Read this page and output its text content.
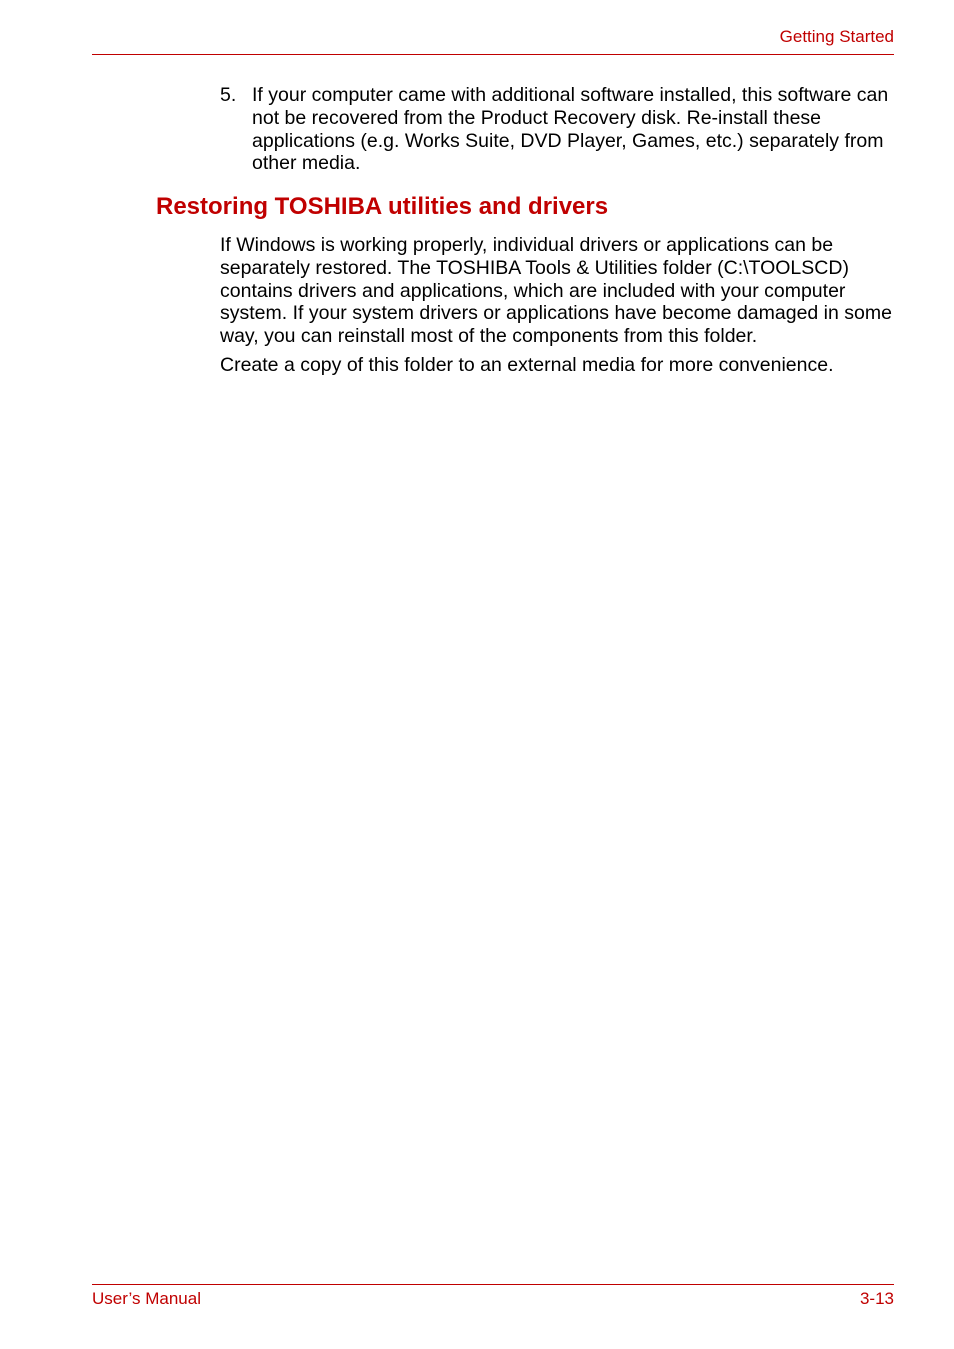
Getting Started
5. If your computer came with additional software installed, this software can not be recovered from the Product Recovery disk. Re-install these applications (e.g. Works Suite, DVD Player, Games, etc.) separately from other media.
Restoring TOSHIBA utilities and drivers

If Windows is working properly, individual drivers or applications can be separately restored. The TOSHIBA Tools & Utilities folder (C:\TOOLSCD) contains drivers and applications, which are included with your computer system. If your system drivers or applications have become damaged in some way, you can reinstall most of the components from this folder.

Create a copy of this folder to an external media for more convenience.

User’s Manual	3-13
